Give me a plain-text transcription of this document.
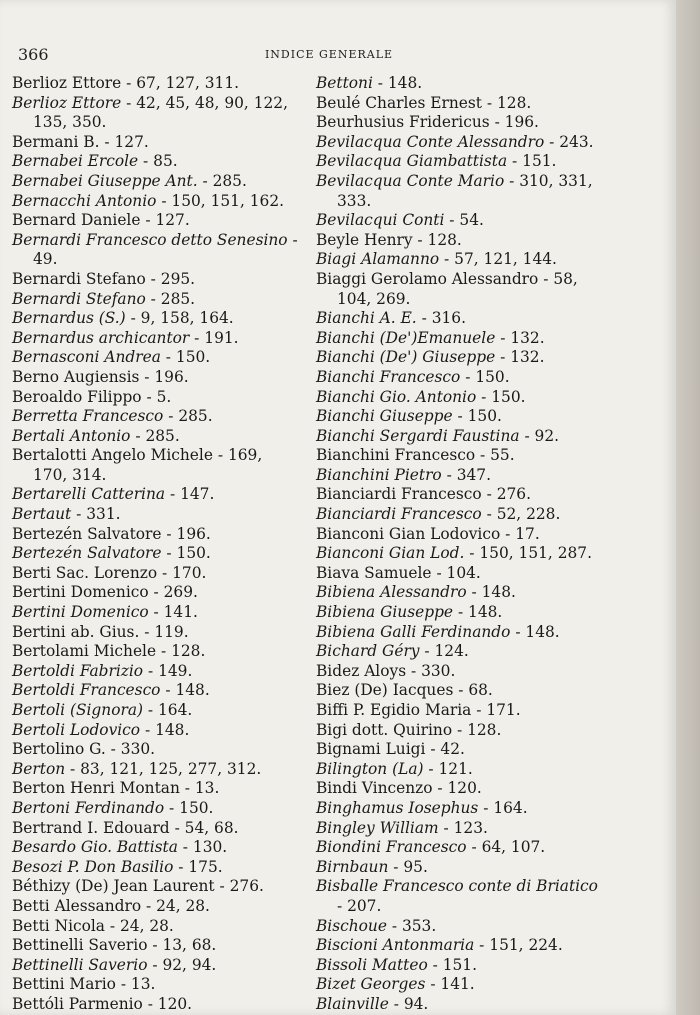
366	INDICE GENERALE
Berlioz Ettore - 67, 127, 311.
Berlioz Ettore - 42, 45, 48, 90, 122, 135, 350.
Bermani B. - 127.
Bernabei Ercole - 85.
Bernabei Giuseppe Ant. - 285.
Bernacchi Antonio - 150, 151, 162.
Bernard Daniele - 127.
Bernardi Francesco detto Senesino - 49.
Bernardi Stefano - 295.
Bernardi Stefano - 285.
Bernardus (S.) - 9, 158, 164.
Bernardus archicantor - 191.
Bernasconi Andrea - 150.
Berno Augiensis - 196.
Beroaldo Filippo - 5.
Berretta Francesco - 285.
Bertali Antonio - 285.
Bertalotti Angelo Michele - 169, 170, 314.
Bertarelli Catterina - 147.
Bertaut - 331.
Bertezén Salvatore - 196.
Bertezén Salvatore - 150.
Berti Sac. Lorenzo - 170.
Bertini Domenico - 269.
Bertini Domenico - 141.
Bertini ab. Gius. - 119.
Bertolami Michele - 128.
Bertoldi Fabrizio - 149.
Bertoldi Francesco - 148.
Bertoli (Signora) - 164.
Bertoli Lodovico - 148.
Bertolino G. - 330.
Berton - 83, 121, 125, 277, 312.
Berton Henri Montan - 13.
Bertoni Ferdinando - 150.
Bertrand I. Edouard - 54, 68.
Besardo Gio. Battista - 130.
Besozi P. Don Basilio - 175.
Béthizy (De) Jean Laurent - 276.
Betti Alessandro - 24, 28.
Betti Nicola - 24, 28.
Bettinelli Saverio - 13, 68.
Bettinelli Saverio - 92, 94.
Bettini Mario - 13.
Bettóli Parmenio - 120.
Bettoni - 148.
Beulé Charles Ernest - 128.
Beurhusius Fridericus - 196.
Bevilacqua Conte Alessandro - 243.
Bevilacqua Giambattista - 151.
Bevilacqua Conte Mario - 310, 331, 333.
Bevilacqui Conti - 54.
Beyle Henry - 128.
Biagi Alamanno - 57, 121, 144.
Biaggi Gerolamo Alessandro - 58, 104, 269.
Bianchi A. E. - 316.
Bianchi (De')Emanuele - 132.
Bianchi (De') Giuseppe - 132.
Bianchi Francesco - 150.
Bianchi Gio. Antonio - 150.
Bianchi Giuseppe - 150.
Bianchi Sergardi Faustina - 92.
Bianchini Francesco - 55.
Bianchini Pietro - 347.
Bianciardi Francesco - 276.
Bianciardi Francesco - 52, 228.
Bianconi Gian Lodovico - 17.
Bianconi Gian Lod. - 150, 151, 287.
Biava Samuele - 104.
Bibiena Alessandro - 148.
Bibiena Giuseppe - 148.
Bibiena Galli Ferdinando - 148.
Bichard Géry - 124.
Bidez Aloys - 330.
Biez (De) Iacques - 68.
Biffi P. Egidio Maria - 171.
Bigi dott. Quirino - 128.
Bignami Luigi - 42.
Bilington (La) - 121.
Bindi Vincenzo - 120.
Binghamus Iosephus - 164.
Bingley William - 123.
Biondini Francesco - 64, 107.
Birnbaun - 95.
Bisballe Francesco conte di Briatico - 207.
Bischoue - 353.
Biscioni Antonmaria - 151, 224.
Bissoli Matteo - 151.
Bizet Georges - 141.
Blainville - 94.
